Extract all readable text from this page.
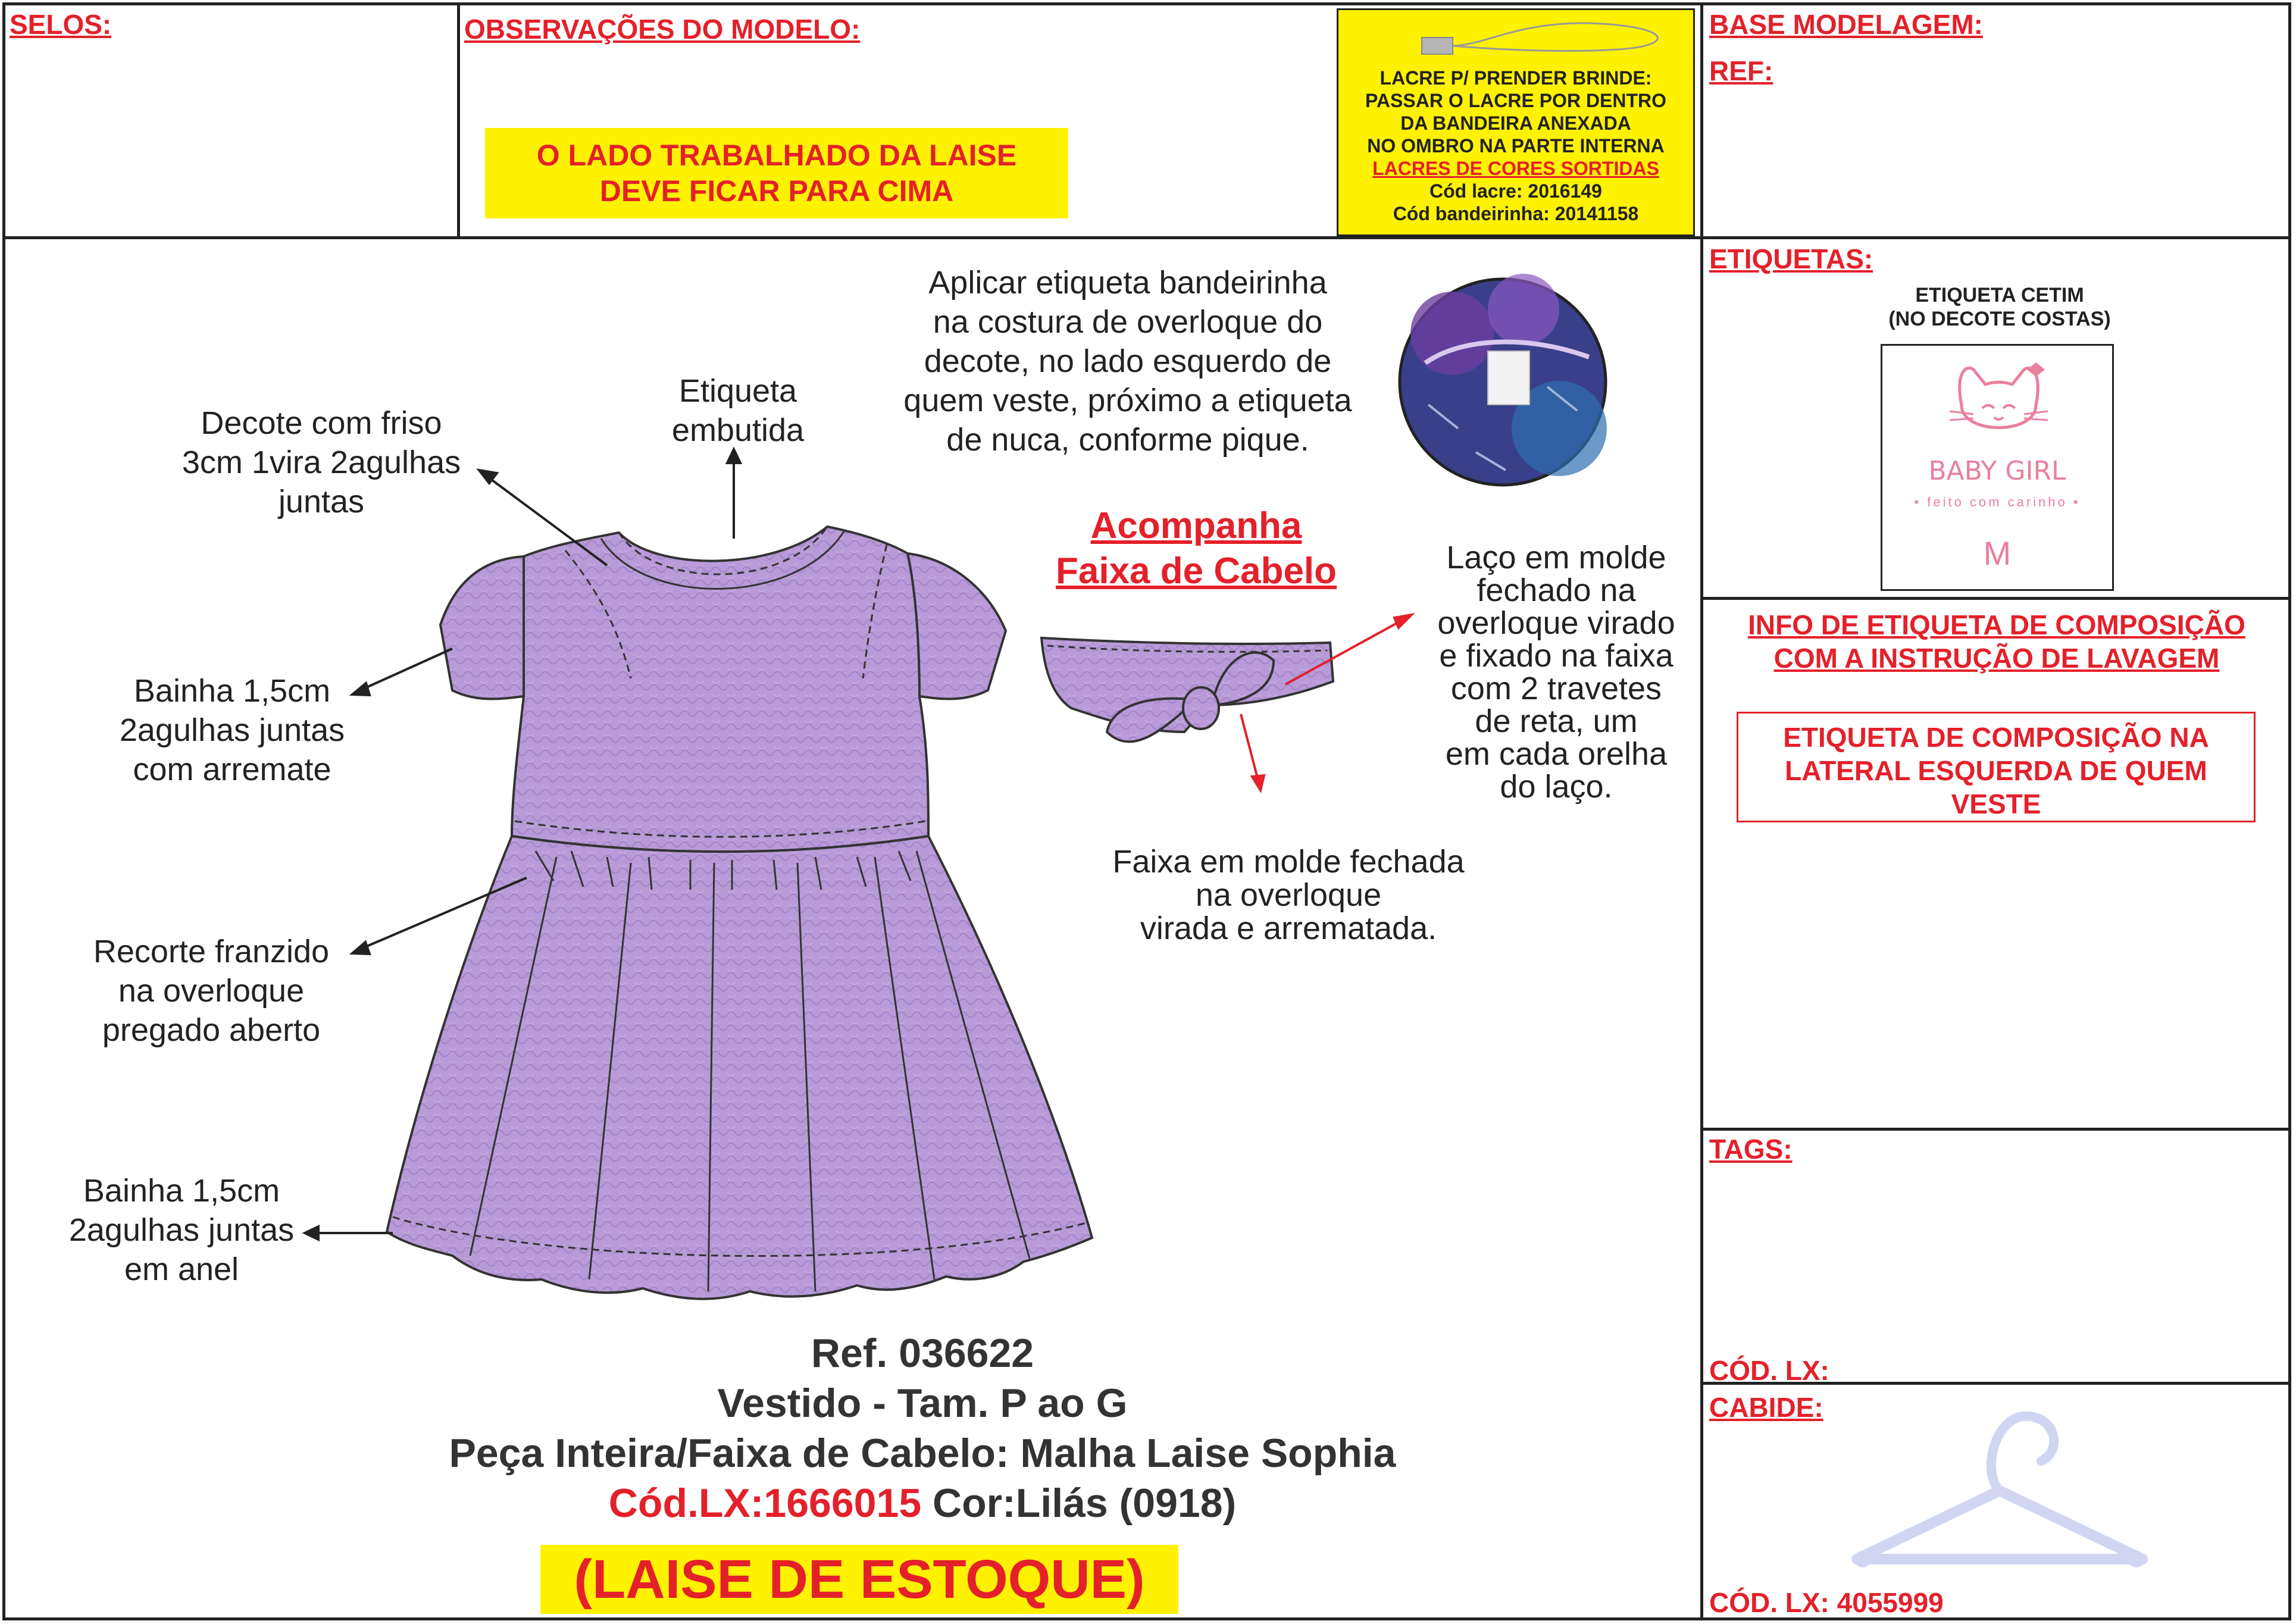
SELOS:	OBSERVAÇÕES DO MODELO:
O LADO TRABALHADO DA LAISE
DEVE FICAR PARA CIMA
LACRE P/ PRENDER BRINDE:
PASSAR O LACRE POR DENTRO
DA BANDEIRA ANEXADA
NO OMBRO NA PARTE INTERNA
LACRES DE CORES SORTIDAS
Cód lacre: 2016149
Cód bandeirinha: 20141158
BASE MODELAGEM:
REF:
Decote com friso
3cm 1vira 2agulhas
juntas
Etiqueta
embutida
Aplicar etiqueta bandeirinha
na costura de overloque do
decote, no lado esquerdo de
quem veste, próximo a etiqueta
de nuca, conforme pique.
Bainha 1,5cm
2agulhas juntas
com arremate
Recorte franzido
na overloque
pregado aberto
Bainha 1,5cm
2agulhas juntas
em anel
Acompanha
Faixa de Cabelo	Laço em molde
fechado na
overloque virado
e fixado na faixa
com 2 travetes
de reta, um
em cada orelha
do laço.
Faixa em molde fechada
na overloque
virada e arrematada.
Ref. 036622
Vestido - Tam. P ao G
Peça Inteira/Faixa de Cabelo: Malha Laise Sophia
Cód.LX:1666015 Cor:Lilás (0918)
(LAISE DE ESTOQUE)
ETIQUETAS:
ETIQUETA CETIM
(NO DECOTE COSTAS)
BABY GIRL
• feito com carinho •
M
INFO DE ETIQUETA DE COMPOSIÇÃO
COM A INSTRUÇÃO DE LAVAGEM
ETIQUETA DE COMPOSIÇÃO NA
LATERAL ESQUERDA DE QUEM
VESTE
TAGS:
CÓD. LX:
CABIDE:
CÓD. LX: 4055999
